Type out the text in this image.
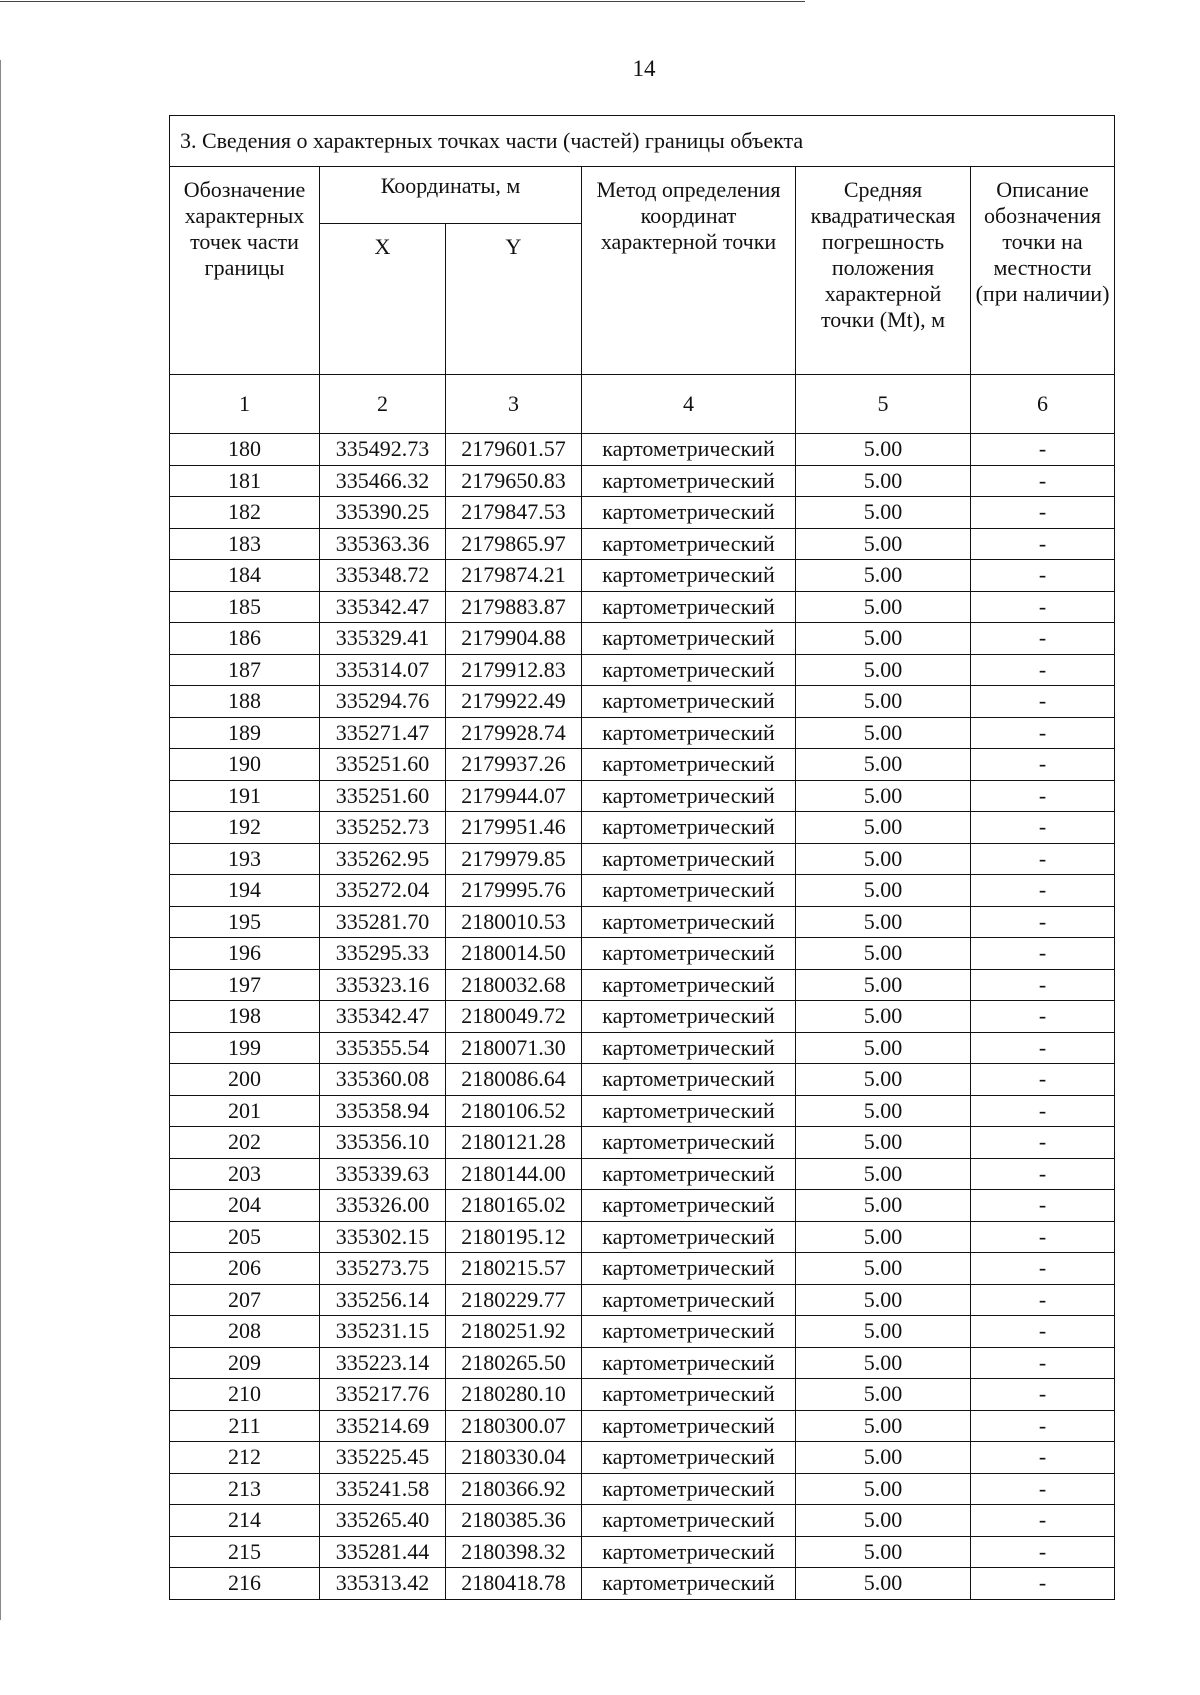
14
3. Сведения о характерных точках части (частей) границы объекта					
Обозначение характерных точек части границы	Координаты, м		Метод определения координат характерной точки	Средняя квадратическая погрешность положения характерной точки (Mt), м	Описание обозначения точки на местности (при наличии)
	X	Y			
1	2	3	4	5	6
180	335492.73	2179601.57	картометрический	5.00	-
181	335466.32	2179650.83	картометрический	5.00	-
182	335390.25	2179847.53	картометрический	5.00	-
183	335363.36	2179865.97	картометрический	5.00	-
184	335348.72	2179874.21	картометрический	5.00	-
185	335342.47	2179883.87	картометрический	5.00	-
186	335329.41	2179904.88	картометрический	5.00	-
187	335314.07	2179912.83	картометрический	5.00	-
188	335294.76	2179922.49	картометрический	5.00	-
189	335271.47	2179928.74	картометрический	5.00	-
190	335251.60	2179937.26	картометрический	5.00	-
191	335251.60	2179944.07	картометрический	5.00	-
192	335252.73	2179951.46	картометрический	5.00	-
193	335262.95	2179979.85	картометрический	5.00	-
194	335272.04	2179995.76	картометрический	5.00	-
195	335281.70	2180010.53	картометрический	5.00	-
196	335295.33	2180014.50	картометрический	5.00	-
197	335323.16	2180032.68	картометрический	5.00	-
198	335342.47	2180049.72	картометрический	5.00	-
199	335355.54	2180071.30	картометрический	5.00	-
200	335360.08	2180086.64	картометрический	5.00	-
201	335358.94	2180106.52	картометрический	5.00	-
202	335356.10	2180121.28	картометрический	5.00	-
203	335339.63	2180144.00	картометрический	5.00	-
204	335326.00	2180165.02	картометрический	5.00	-
205	335302.15	2180195.12	картометрический	5.00	-
206	335273.75	2180215.57	картометрический	5.00	-
207	335256.14	2180229.77	картометрический	5.00	-
208	335231.15	2180251.92	картометрический	5.00	-
209	335223.14	2180265.50	картометрический	5.00	-
210	335217.76	2180280.10	картометрический	5.00	-
211	335214.69	2180300.07	картометрический	5.00	-
212	335225.45	2180330.04	картометрический	5.00	-
213	335241.58	2180366.92	картометрический	5.00	-
214	335265.40	2180385.36	картометрический	5.00	-
215	335281.44	2180398.32	картометрический	5.00	-
216	335313.42	2180418.78	картометрический	5.00	-
